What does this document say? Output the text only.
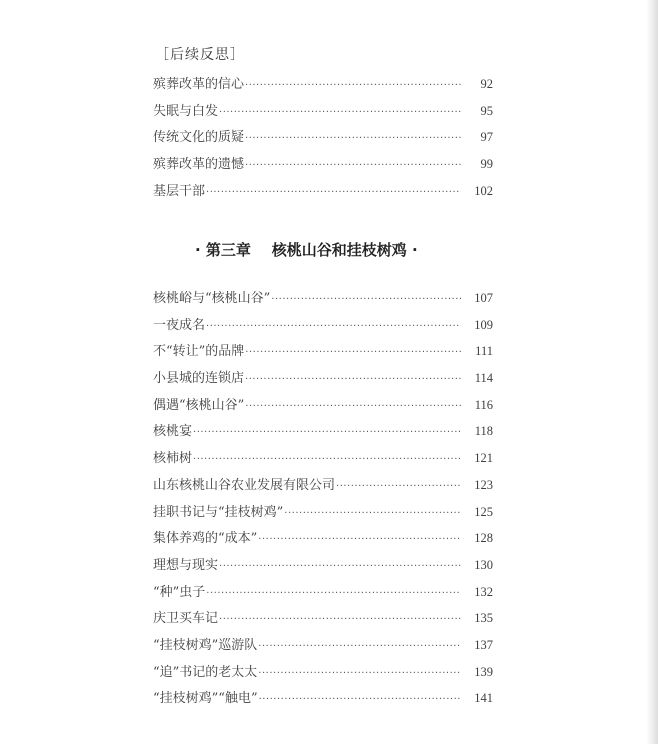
［后续反思］
殡葬改革的信心 ·····	92
失眠与白发 ·····	95
传统文化的质疑 ·····	97
殡葬改革的遗憾 ·····	99
基层干部 ·····	102
· 第三章    核桃山谷和挂枝树鸡 ·
核桃峪与“核桃山谷” ·····	107
一夜成名 ·····	109
不“转让”的品牌 ·····	111
小县城的连锁店 ·····	114
偶遇“核桃山谷” ·····	116
核桃宴 ·····	118
核柿树 ·····	121
山东核桃山谷农业发展有限公司 ·····	123
挂职书记与“挂枝树鸡” ·····	125
集体养鸡的“成本” ·····	128
理想与现实 ·····	130
“种”虫子 ·····	132
庆卫买车记 ·····	135
“挂枝树鸡”巡游队 ·····	137
“追”书记的老太太 ·····	139
“挂枝树鸡”“触电” ·····	141
